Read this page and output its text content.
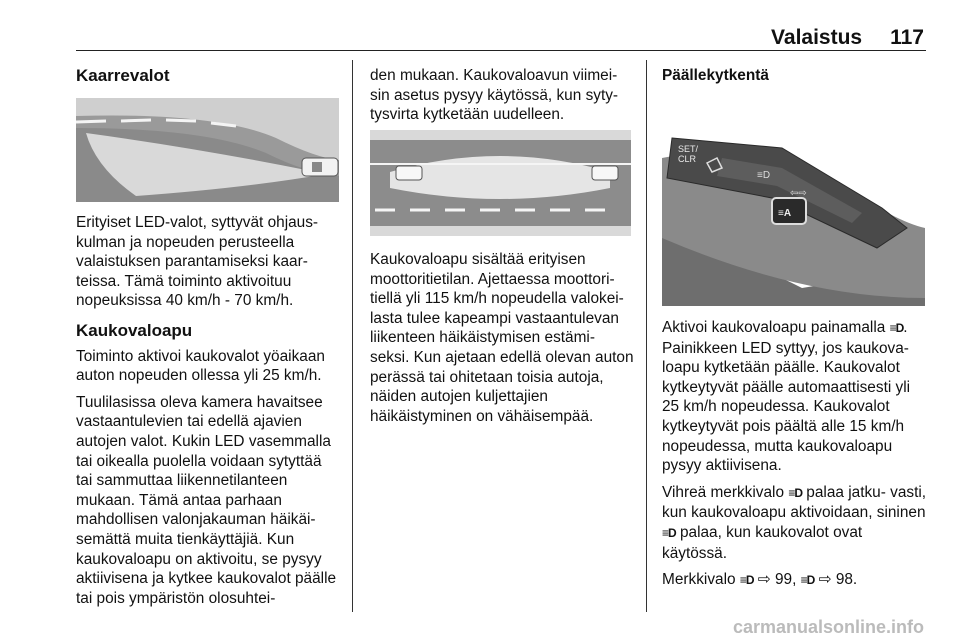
Valaistus 117
Kaarrevalot

Erityiset LED-valot, syttyvät ohjaus- kulman ja nopeuden perusteella valaistuksen parantamiseksi kaar- teissa. Tämä toiminto aktivoituu nopeuksissa 40 km/h - 70 km/h.

Kaukovaloapu

Toiminto aktivoi kaukovalot yöaikaan auton nopeuden ollessa yli 25 km/h.

Tuulilasissa oleva kamera havaitsee vastaantulevien tai edellä ajavien autojen valot. Kukin LED vasemmalla tai oikealla puolella voidaan sytyttää tai sammuttaa liikennetilanteen mukaan. Tämä antaa parhaan mahdollisen valonjakauman häikäi- semättä muita tienkäyttäjiä. Kun kaukovaloapu on aktivoitu, se pysyy aktiivisena ja kytkee kaukovalot päälle tai pois ympäristön olosuhtei-

den mukaan. Kaukovaloavun viimei- sin asetus pysyy käytössä, kun syty- tysvirta kytketään uudelleen.

Kaukovaloapu sisältää erityisen moottoritietilan. Ajettaessa moottori- tiellä yli 115 km/h nopeudella valokei- lasta tulee kapeampi vastaantulevan liikenteen häikäistymisen estämi- seksi. Kun ajetaan edellä olevan auton perässä tai ohitetaan toisia autoja, näiden autojen kuljettajien häikäistyminen on vähäisempää.

Päällekytkentä
SET/
CLR
≡A
≡D
⇦⇨

Aktivoi kaukovaloapu painamalla ≡D. Painikkeen LED syttyy, jos kaukova- loapu kytketään päälle. Kaukovalot kytkeytyvät päälle automaattisesti yli 25 km/h nopeudessa. Kaukovalot kytkeytyvät pois päältä alle 15 km/h nopeudessa, mutta kaukovaloapu pysyy aktiivisena.

Vihreä merkkivalo ≡D palaa jatku- vasti, kun kaukovaloapu aktivoidaan, sininen ≡D palaa, kun kaukovalot ovat käytössä.

Merkkivalo ≡D ⇨ 99, ≡D ⇨ 98.

carmanualsonline.info
